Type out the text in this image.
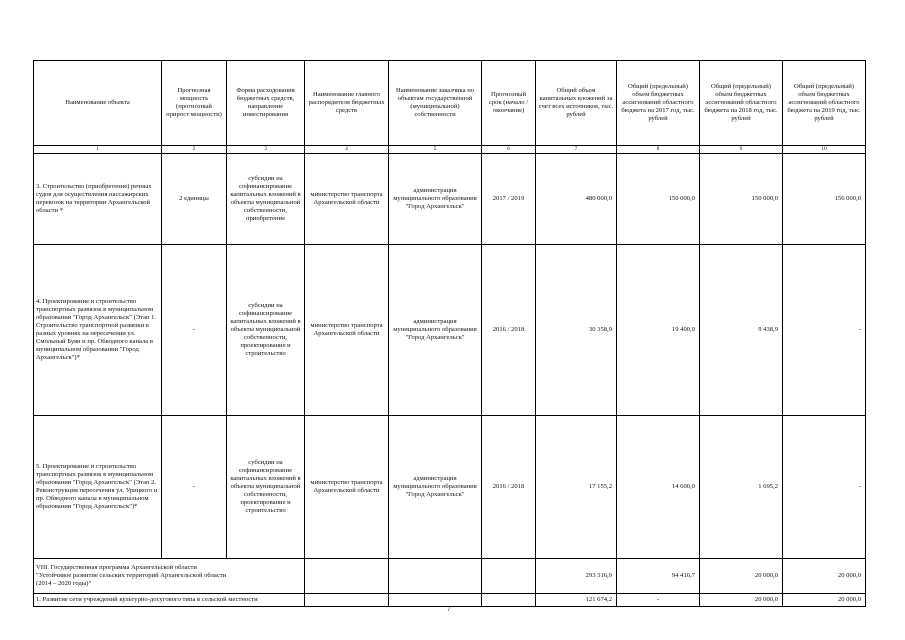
Наименование объекта	Прогнозная мощность (прогнозный прирост мощности)	Форма расходования бюджетных средств, направление инвестирования	Наименование главного распорядителя бюджетных средств	Наименование заказчика по объектам государственной (муниципальной) собственности	Прогнозный срок (начало / окончание)	Общий объем капитальных вложений за счет всех источников, тыс. рублей	Общий (предельный) объем бюджетных ассигнований областного бюджета на 2017 год, тыс. рублей	Общий (предельный) объем бюджетных ассигнований областного бюджета на 2018 год, тыс. рублей	Общий (предельный) объем бюджетных ассигнований областного бюджета на 2019 год, тыс. рублей
1	2	3	4	5	6	7	8	9	10
3. Строительство (приобретение) речных судов для осуществления пассажирских перевозок на территории Архангельской области *	2 единицы	субсидии на софинансирование капитальных вложений в объекты муниципальной собственности, приобретение	министерство транспорта Архангельской области	администрация муниципального образования "Город Архангельск"	2017 / 2019	480 000,0	150 000,0	150 000,0	156 000,0
4. Проектирование и строительство транспортных развязок в муниципальном образовании "Город Архангельск" (Этап 1. Строительство транспортной развязки в разных уровнях на пересечении ул. Смольный Буян и пр. Обводного канала в муниципальном образовании "Город Архангельск")*	-	субсидии на софинансирование капитальных вложений в объекты муниципальной собственности, проектирование и строительство	министерство транспорта Архангельской области	администрация муниципального образования "Город Архангельск"	2016 / 2018	30 358,9	19 400,0	9 438,9	-
5. Проектирование и строительство транспортных развязок в муниципальном образовании "Город Архангельск" (Этап 2. Реконструкция пересечения ул. Урицкого и пр. Обводного канала в муниципальном образовании "Город Архангельск")*	-	субсидии на софинансирование капитальных вложений в объекты муниципальной собственности, проектирование и строительство	министерство транспорта Архангельской области	администрация муниципального образования "Город Архангельск"	2016 / 2018	17 155,2	14 600,0	1 695,2	-
VIII. Государственная программа Архангельской области
"Устойчивое развитие сельских территорий Архангельской области
(2014 – 2020 годы)"						293 316,9	94 416,7	20 000,0	20 000,0
1. Развитие сети учреждений культурно-досугового типа в сельской местности						121 674,2	-	20 000,0	20 000,0
7
